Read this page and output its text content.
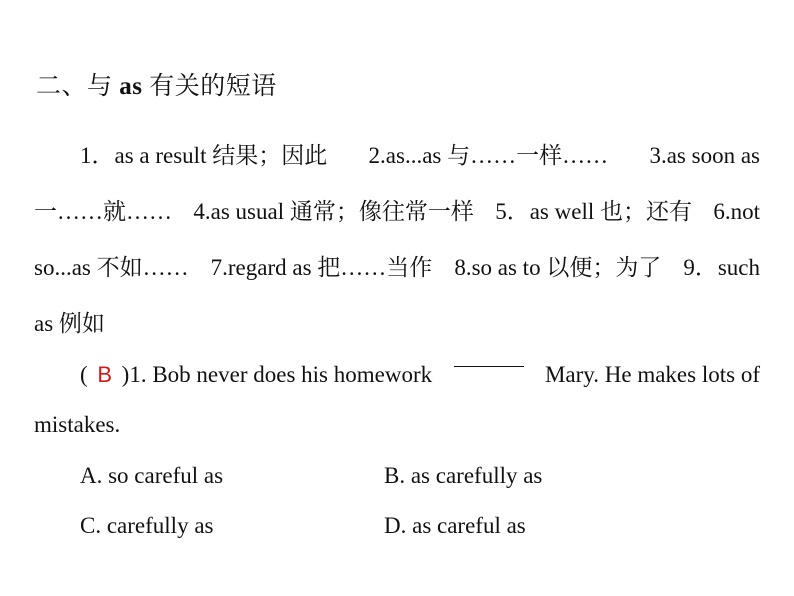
二、与 as 有关的短语
1．as a result 结果；因此 2.as...as 与……一样…… 3.as soon as
一……就…… 4.as usual 通常；像往常一样 5．as well 也；还有 6.not
so...as 不如…… 7.regard as 把……当作 8.so as to 以便；为了 9．such
as 例如
( B )1. Bob never does his homework	Mary. He makes lots of
mistakes.
A. so careful as	B. as carefully as
C. carefully as	D. as careful as
